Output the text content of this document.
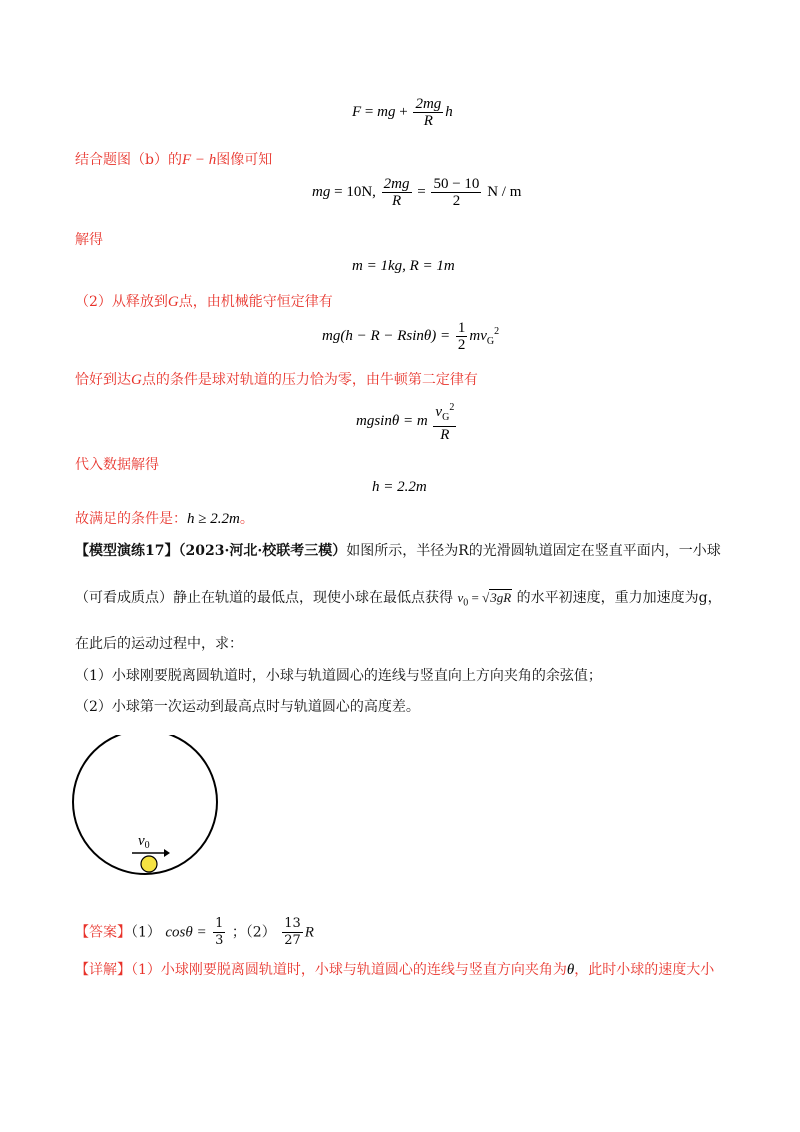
F = mg + $\frac{2mg}{R}$ h
结合题图（b）的F − h图像可知
mg = 10N, $\frac{2mg}{R} = \frac{50 - 10}{2}$ N / m
解得
m = 1kg, R = 1m
（2）从释放到G点，由机械能守恒定律有
$mg(h - R - Rsin\theta) = \frac{1}{2} mv_G^2$
恰好到达G点的条件是球对轨道的压力恰为零，由牛顿第二定律有
mgsinθ = m $\frac{v_G^2}{R}$
代入数据解得
h = 2.2m
故满足的条件是：h ≥ 2.2m。
【模型演练17】（2023·河北·校联考三模）如图所示，半径为R的光滑圆轨道固定在竖直平面内，一小球
（可看成质点）静止在轨道的最低点，现使小球在最低点获得 $v_0 = √3gR$ 的水平初速度，重力加速度为g，
在此后的运动过程中，求：
（1）小球刚要脱离圆轨道时，小球与轨道圆心的连线与竖直向上方向夹角的余弦值；
（2）小球第一次运动到最高点时与轨道圆心的高度差。
$v_0$
【答案】（1） $\cos\theta = \frac{1}{3}$ ；$(2) \frac{13}{27}$ R
【详解】（1）小球刚要脱离圆轨道时，小球与轨道圆心的连线与竖直方向夹角为θ，此时小球的速度大小
